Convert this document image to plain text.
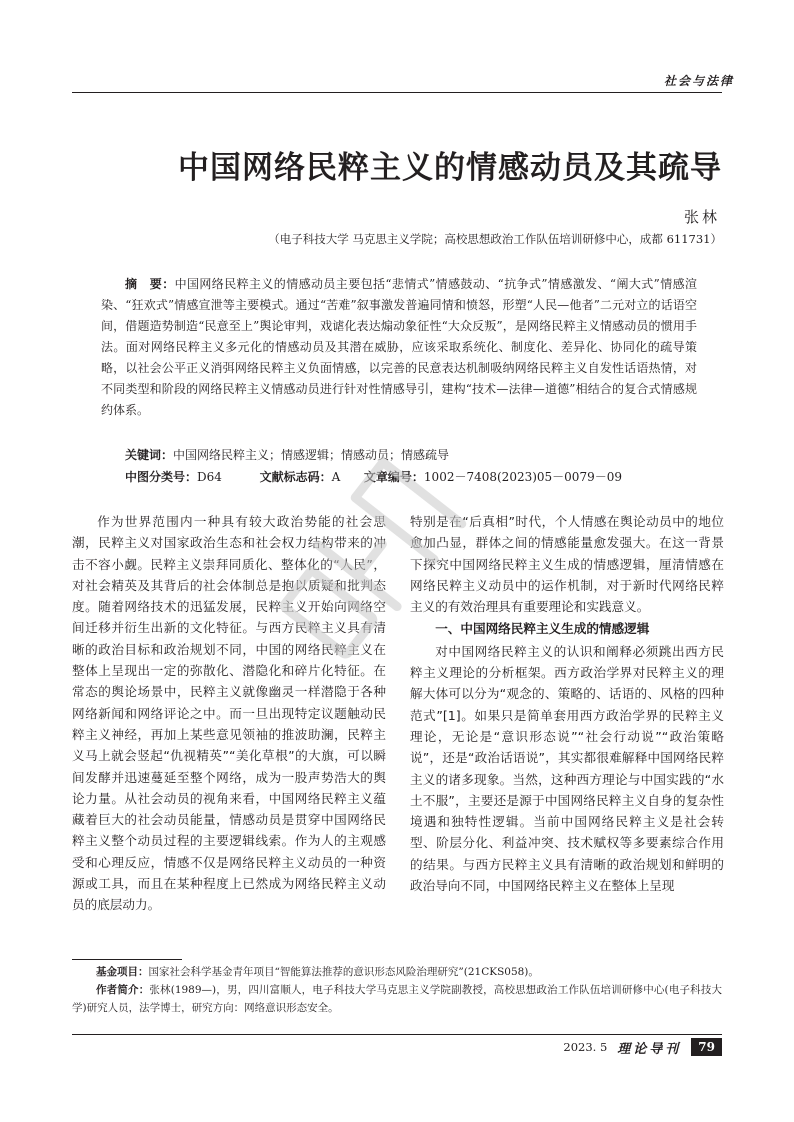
社会与法律
中国网络民粹主义的情感动员及其疏导
张林
（电子科技大学 马克思主义学院；高校思想政治工作队伍培训研修中心，成都 611731）
摘　要：中国网络民粹主义的情感动员主要包括“悲情式”情感鼓动、“抗争式”情感激发、“阐大式”情感渲染、“狂欢式”情感宣泄等主要模式。通过“苦难”叙事激发普遍同情和愤怒，形塑“人民—他者”二元对立的话语空间，借题造势制造“民意至上”舆论审判，戏谑化表达煽动象征性“大众反叛”，是网络民粹主义情感动员的惯用手法。面对网络民粹主义多元化的情感动员及其潜在威胁，应该采取系统化、制度化、差异化、协同化的疏导策略，以社会公平正义消弭网络民粹主义负面情感，以完善的民意表达机制吸纳网络民粹主义自发性话语热情，对不同类型和阶段的网络民粹主义情感动员进行针对性情感导引，建构“技术—法律—道德”相结合的复合式情感规约体系。
关键词：中国网络民粹主义；情感逻辑；情感动员；情感疏导
中图分类号：D64	文献标志码：A 文章编号：1002－7408(2023)05－0079－09

作为世界范围内一种具有较大政治势能的社会思潮，民粹主义对国家政治生态和社会权力结构带来的冲击不容小觑。民粹主义崇拜同质化、整体化的“人民”，对社会精英及其背后的社会体制总是抱以质疑和批判态度。随着网络技术的迅猛发展，民粹主义开始向网络空间迁移并衍生出新的文化特征。与西方民粹主义具有清晰的政治目标和政治规划不同，中国的网络民粹主义在整体上呈现出一定的弥散化、潜隐化和碎片化特征。在常态的舆论场景中，民粹主义就像幽灵一样潜隐于各种网络新闻和网络评论之中。而一旦出现特定议题触动民粹主义神经，再加上某些意见领袖的推波助澜，民粹主义马上就会竖起“仇视精英”“美化草根”的大旗，可以瞬间发酵并迅速蔓延至整个网络，成为一股声势浩大的舆论力量。从社会动员的视角来看，中国网络民粹主义蕴藏着巨大的社会动员能量，情感动员是贯穿中国网络民粹主义整个动员过程的主要逻辑线索。作为人的主观感受和心理反应，情感不仅是网络民粹主义动员的一种资源或工具，而且在某种程度上已然成为网络民粹主义动员的底层动力。

特别是在“后真相”时代，个人情感在舆论动员中的地位愈加凸显，群体之间的情感能量愈发强大。在这一背景下探究中国网络民粹主义生成的情感逻辑，厘清情感在网络民粹主义动员中的运作机制，对于新时代网络民粹主义的有效治理具有重要理论和实践意义。

一、中国网络民粹主义生成的情感逻辑

对中国网络民粹主义的认识和阐释必须跳出西方民粹主义理论的分析框架。西方政治学界对民粹主义的理解大体可以分为“观念的、策略的、话语的、风格的四种范式”[1]。如果只是简单套用西方政治学界的民粹主义理论，无论是“意识形态说”“社会行动说”“政治策略说”，还是“政治话语说”，其实都很难解释中国网络民粹主义的诸多现象。当然，这种西方理论与中国实践的“水土不服”，主要还是源于中国网络民粹主义自身的复杂性境遇和独特性逻辑。当前中国网络民粹主义是社会转型、阶层分化、利益冲突、技术赋权等多要素综合作用的结果。与西方民粹主义具有清晰的政治规划和鲜明的政治导向不同，中国网络民粹主义在整体上呈现

基金项目：国家社会科学基金青年项目“智能算法推荐的意识形态风险治理研究”(21CKS058)。
作者简介：张林(1989—)，男，四川富顺人，电子科技大学马克思主义学院副教授，高校思想政治工作队伍培训研修中心(电子科技大学)研究人员，法学博士，研究方向：网络意识形态安全。
2023. 5 理论导刊	79
